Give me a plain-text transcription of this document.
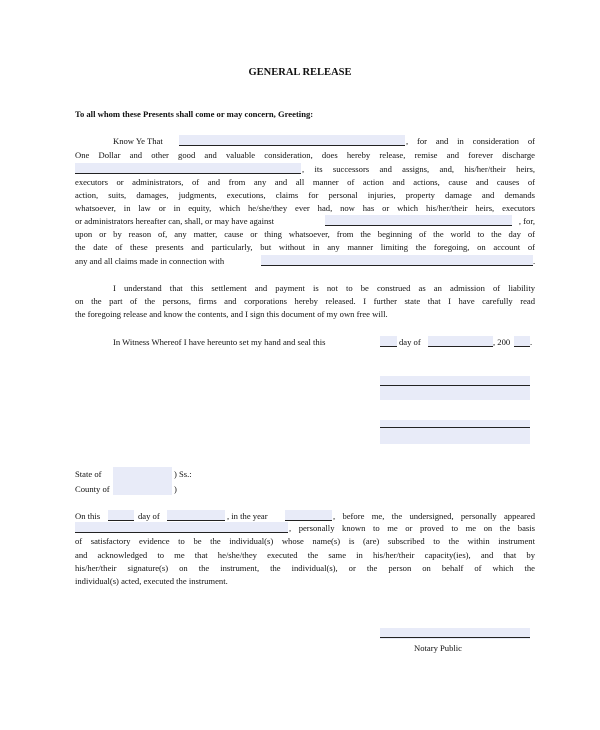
GENERAL RELEASE
To all whom these Presents shall come or may concern, Greeting:
Know Ye That	, for and in consideration of
One Dollar and other good and valuable consideration, does hereby release, remise and forever discharge
, its successors and assigns, and, his/her/their heirs,
executors or administrators, of and from any and all manner of action and actions, cause and causes of
action, suits, damages, judgments, executions, claims for personal injuries, property damage and demands
whatsoever, in law or in equity, which he/she/they ever had, now has or which his/her/their heirs, executors
or administrators hereafter can, shall, or may have against	, for,
upon or by reason of, any matter, cause or thing whatsoever, from the beginning of the world to the day of
the date of these presents and particularly, but without in any manner limiting the foregoing, on account of
any and all claims made in connection with	.
I understand that this settlement and payment is not to be construed as an admission of liability
on the part of the persons, firms and corporations hereby released. I further state that I have carefully read
the foregoing release and know the contents, and I sign this document of my own free will.
In Witness Whereof I have hereunto set my hand and seal this	day of	, 200 .
State of	) Ss.:
County of	)
On this	day of	, in the year	, before me, the undersigned, personally appeared
, personally known to me or proved to me on the basis
of satisfactory evidence to be the individual(s) whose name(s) is (are) subscribed to the within instrument
and acknowledged to me that he/she/they executed the same in his/her/their capacity(ies), and that by
his/her/their signature(s) on the instrument, the individual(s), or the person on behalf of which the
individual(s) acted, executed the instrument.
Notary Public
